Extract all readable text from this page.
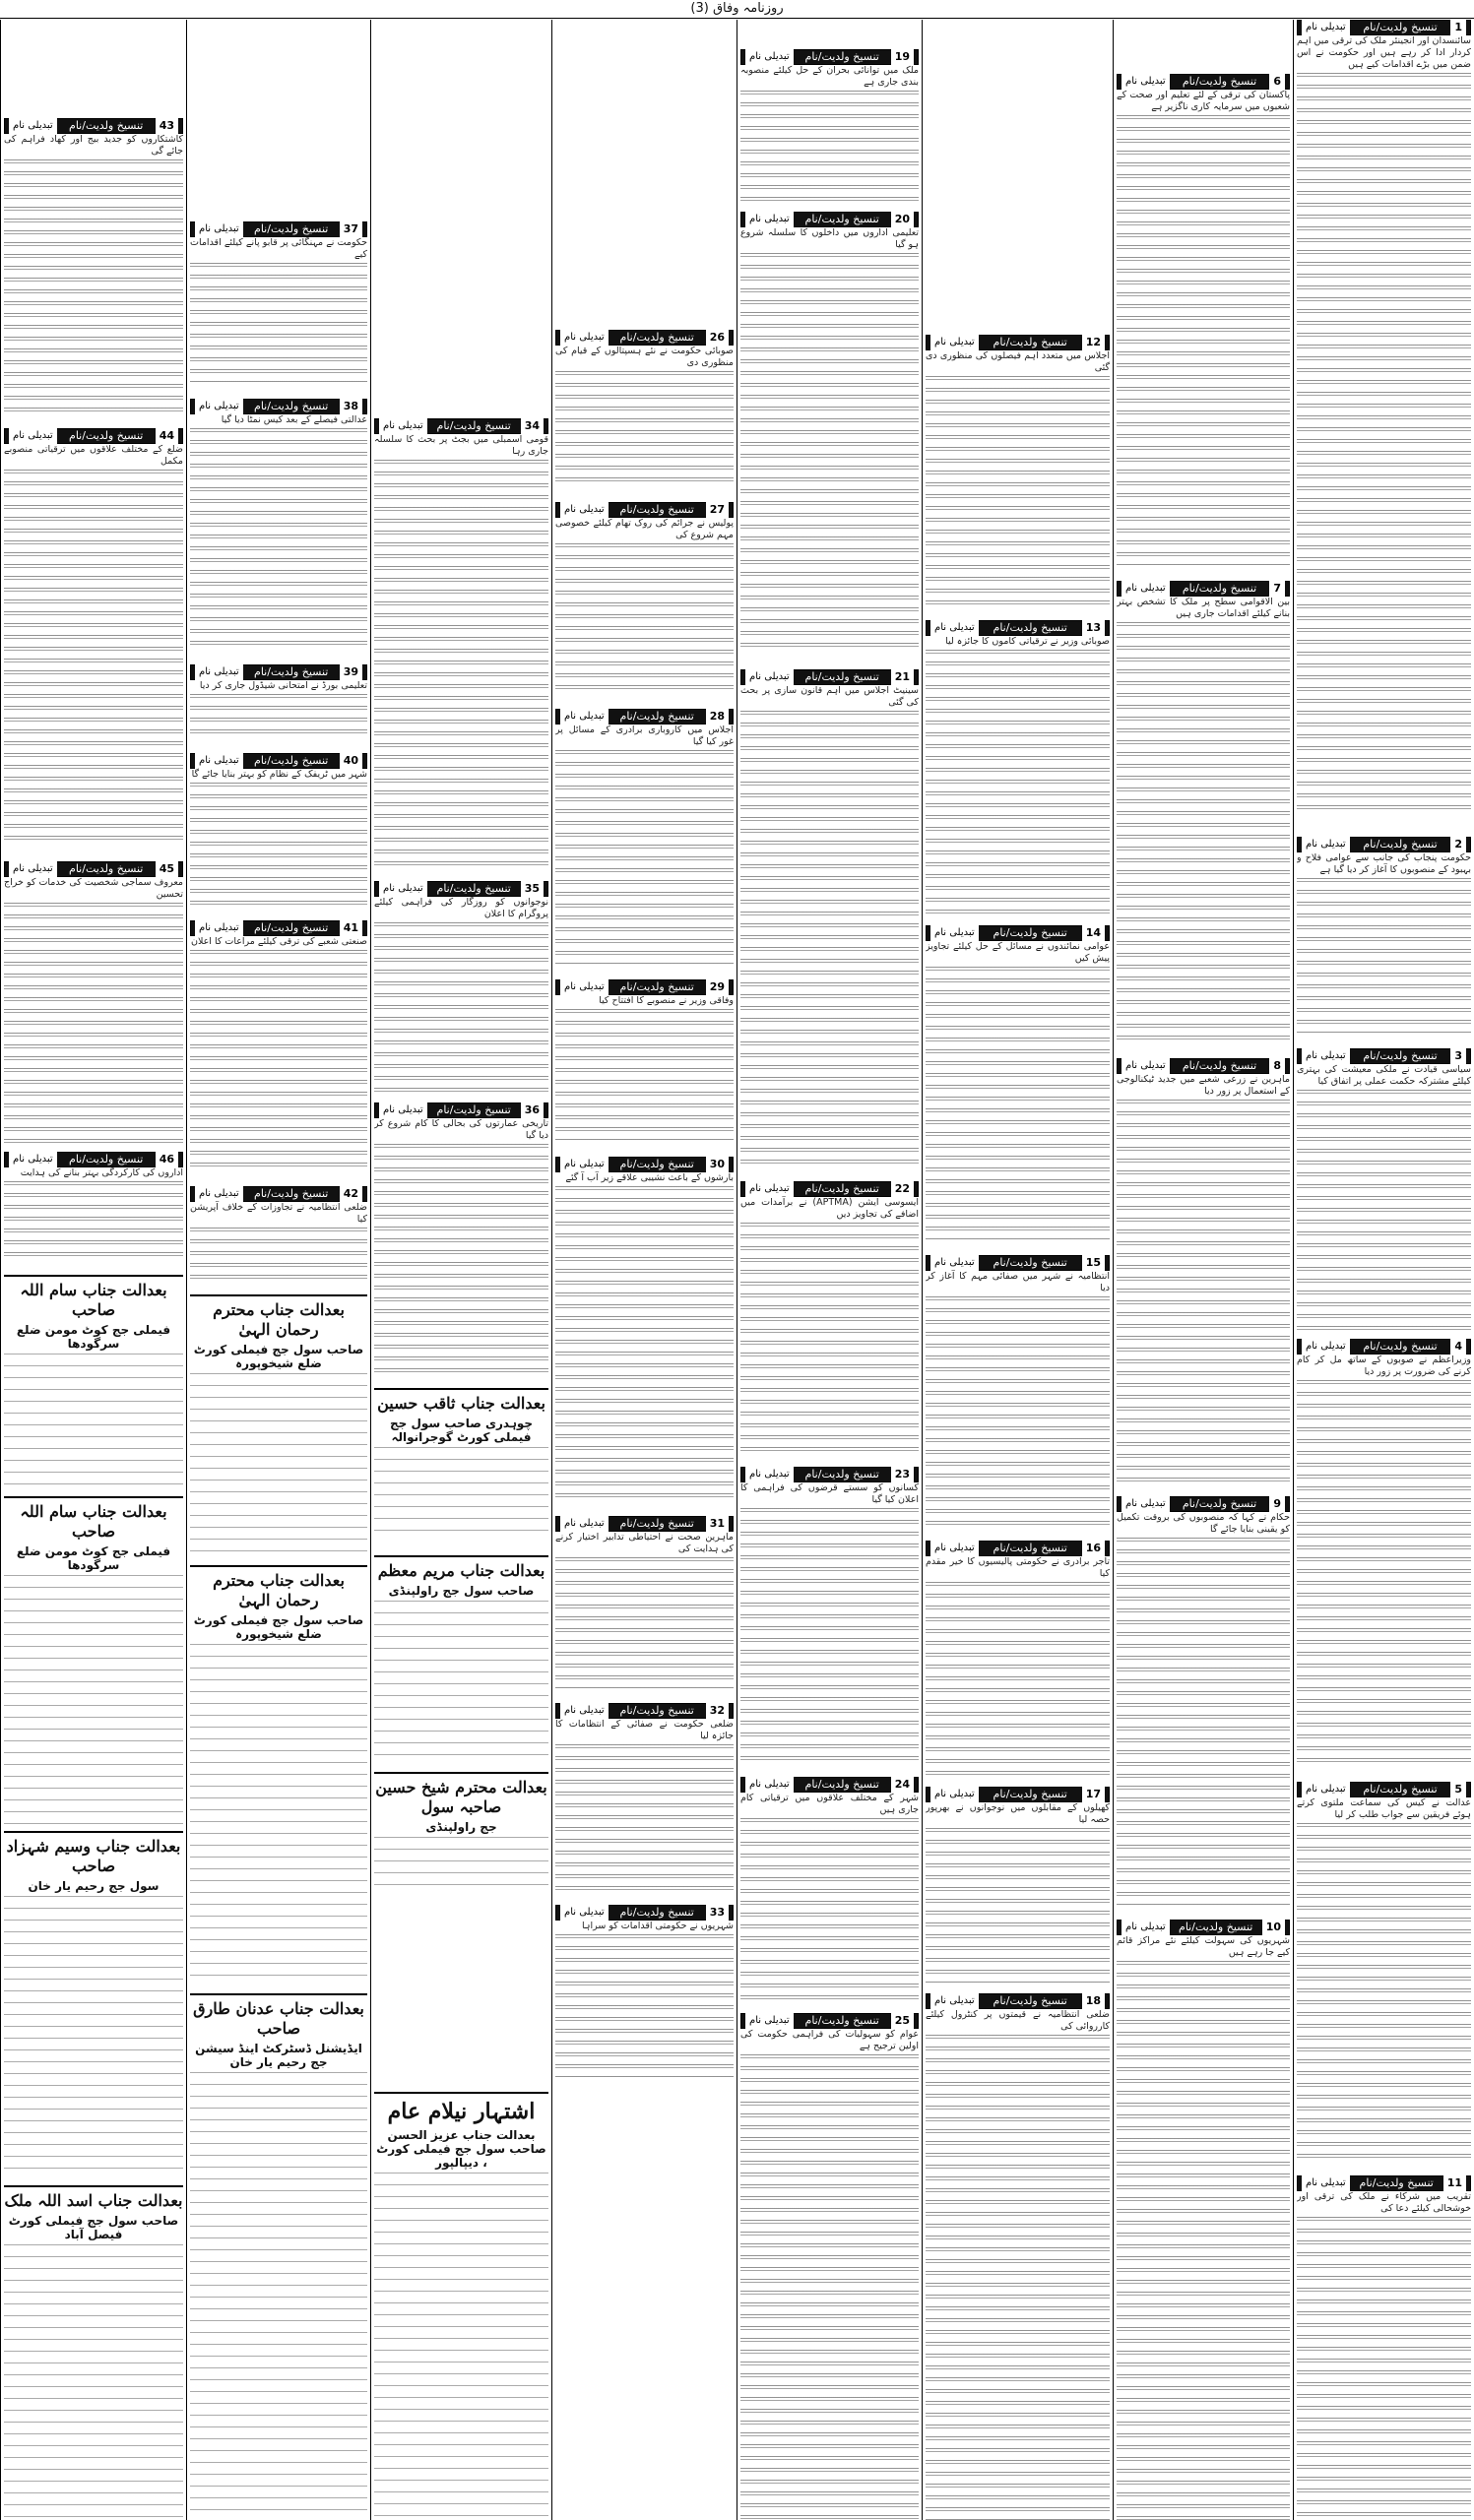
روزنامہ وفاق (3)
1
تنسیخ ولدیت/نام
تبدیلی نام
سائنسدان اور انجینئر ملک کی ترقی میں اہم کردار ادا کر رہے ہیں اور حکومت نے اس ضمن میں بڑے اقدامات کیے ہیں
2
تنسیخ ولدیت/نام
تبدیلی نام
حکومت پنجاب کی جانب سے عوامی فلاح و بہبود کے منصوبوں کا آغاز کر دیا گیا ہے
3
تنسیخ ولدیت/نام
تبدیلی نام
سیاسی قیادت نے ملکی معیشت کی بہتری کیلئے مشترکہ حکمت عملی پر اتفاق کیا
4
تنسیخ ولدیت/نام
تبدیلی نام
وزیراعظم نے صوبوں کے ساتھ مل کر کام کرنے کی ضرورت پر زور دیا
5
تنسیخ ولدیت/نام
تبدیلی نام
عدالت نے کیس کی سماعت ملتوی کرتے ہوئے فریقین سے جواب طلب کر لیا
11
تنسیخ ولدیت/نام
تبدیلی نام
تقریب میں شرکاء نے ملک کی ترقی اور خوشحالی کیلئے دعا کی
6
تنسیخ ولدیت/نام
تبدیلی نام
پاکستان کی ترقی کے لئے تعلیم اور صحت کے شعبوں میں سرمایہ کاری ناگزیر ہے
7
تنسیخ ولدیت/نام
تبدیلی نام
بین الاقوامی سطح پر ملک کا تشخص بہتر بنانے کیلئے اقدامات جاری ہیں
8
تنسیخ ولدیت/نام
تبدیلی نام
ماہرین نے زرعی شعبے میں جدید ٹیکنالوجی کے استعمال پر زور دیا
9
تنسیخ ولدیت/نام
تبدیلی نام
حکام نے کہا کہ منصوبوں کی بروقت تکمیل کو یقینی بنایا جائے گا
10
تنسیخ ولدیت/نام
تبدیلی نام
شہریوں کی سہولت کیلئے نئے مراکز قائم کیے جا رہے ہیں
12
تنسیخ ولدیت/نام
تبدیلی نام
اجلاس میں متعدد اہم فیصلوں کی منظوری دی گئی
13
تنسیخ ولدیت/نام
تبدیلی نام
صوبائی وزیر نے ترقیاتی کاموں کا جائزہ لیا
14
تنسیخ ولدیت/نام
تبدیلی نام
عوامی نمائندوں نے مسائل کے حل کیلئے تجاویز پیش کیں
15
تنسیخ ولدیت/نام
تبدیلی نام
انتظامیہ نے شہر میں صفائی مہم کا آغاز کر دیا
16
تنسیخ ولدیت/نام
تبدیلی نام
تاجر برادری نے حکومتی پالیسیوں کا خیر مقدم کیا
17
تنسیخ ولدیت/نام
تبدیلی نام
کھیلوں کے مقابلوں میں نوجوانوں نے بھرپور حصہ لیا
18
تنسیخ ولدیت/نام
تبدیلی نام
ضلعی انتظامیہ نے قیمتوں پر کنٹرول کیلئے کارروائی کی
19
تنسیخ ولدیت/نام
تبدیلی نام
ملک میں توانائی بحران کے حل کیلئے منصوبہ بندی جاری ہے
20
تنسیخ ولدیت/نام
تبدیلی نام
تعلیمی اداروں میں داخلوں کا سلسلہ شروع ہو گیا
21
تنسیخ ولدیت/نام
تبدیلی نام
سینیٹ اجلاس میں اہم قانون سازی پر بحث کی گئی
22
تنسیخ ولدیت/نام
تبدیلی نام
ایسوسی ایشن (APTMA) نے برآمدات میں اضافے کی تجاویز دیں
23
تنسیخ ولدیت/نام
تبدیلی نام
کسانوں کو سستے قرضوں کی فراہمی کا اعلان کیا گیا
24
تنسیخ ولدیت/نام
تبدیلی نام
شہر کے مختلف علاقوں میں ترقیاتی کام جاری ہیں
25
تنسیخ ولدیت/نام
تبدیلی نام
عوام کو سہولیات کی فراہمی حکومت کی اولین ترجیح ہے
26
تنسیخ ولدیت/نام
تبدیلی نام
صوبائی حکومت نے نئے ہسپتالوں کے قیام کی منظوری دی
27
تنسیخ ولدیت/نام
تبدیلی نام
پولیس نے جرائم کی روک تھام کیلئے خصوصی مہم شروع کی
28
تنسیخ ولدیت/نام
تبدیلی نام
اجلاس میں کاروباری برادری کے مسائل پر غور کیا گیا
29
تنسیخ ولدیت/نام
تبدیلی نام
وفاقی وزیر نے منصوبے کا افتتاح کیا
30
تنسیخ ولدیت/نام
تبدیلی نام
بارشوں کے باعث نشیبی علاقے زیر آب آ گئے
31
تنسیخ ولدیت/نام
تبدیلی نام
ماہرین صحت نے احتیاطی تدابیر اختیار کرنے کی ہدایت کی
32
تنسیخ ولدیت/نام
تبدیلی نام
ضلعی حکومت نے صفائی کے انتظامات کا جائزہ لیا
33
تنسیخ ولدیت/نام
تبدیلی نام
شہریوں نے حکومتی اقدامات کو سراہا
34
تنسیخ ولدیت/نام
تبدیلی نام
قومی اسمبلی میں بجٹ پر بحث کا سلسلہ جاری رہا
35
تنسیخ ولدیت/نام
تبدیلی نام
نوجوانوں کو روزگار کی فراہمی کیلئے پروگرام کا اعلان
36
تنسیخ ولدیت/نام
تبدیلی نام
تاریخی عمارتوں کی بحالی کا کام شروع کر دیا گیا
بعدالت جناب ثاقب حسین
چوہدری صاحب سول جج فیملی کورٹ گوجرانوالہ
بعدالت جناب مریم معظم
صاحب سول جج راولپنڈی
بعدالت محترم شیخ حسین صاحبہ سول
جج راولپنڈی
اشتہار نیلام عام
بعدالت جناب عزیز الحسن صاحب سول جج فیملی کورٹ ، دیپالپور
37
تنسیخ ولدیت/نام
تبدیلی نام
حکومت نے مہنگائی پر قابو پانے کیلئے اقدامات کیے
38
تنسیخ ولدیت/نام
تبدیلی نام
عدالتی فیصلے کے بعد کیس نمٹا دیا گیا
39
تنسیخ ولدیت/نام
تبدیلی نام
تعلیمی بورڈ نے امتحانی شیڈول جاری کر دیا
40
تنسیخ ولدیت/نام
تبدیلی نام
شہر میں ٹریفک کے نظام کو بہتر بنایا جائے گا
41
تنسیخ ولدیت/نام
تبدیلی نام
صنعتی شعبے کی ترقی کیلئے مراعات کا اعلان
42
تنسیخ ولدیت/نام
تبدیلی نام
ضلعی انتظامیہ نے تجاوزات کے خلاف آپریشن کیا
بعدالت جناب محترم رحمان الہیٰ
صاحب سول جج فیملی کورٹ ضلع شیخوپورہ
بعدالت جناب محترم رحمان الہیٰ
صاحب سول جج فیملی کورٹ ضلع شیخوپورہ
بعدالت جناب عدنان طارق صاحب
ایڈیشنل ڈسٹرکٹ اینڈ سیشن جج رحیم یار خان
43
تنسیخ ولدیت/نام
تبدیلی نام
کاشتکاروں کو جدید بیج اور کھاد فراہم کی جائے گی
44
تنسیخ ولدیت/نام
تبدیلی نام
ضلع کے مختلف علاقوں میں ترقیاتی منصوبے مکمل
45
تنسیخ ولدیت/نام
تبدیلی نام
معروف سماجی شخصیت کی خدمات کو خراج تحسین
46
تنسیخ ولدیت/نام
تبدیلی نام
اداروں کی کارکردگی بہتر بنانے کی ہدایت
بعدالت جناب سام اللہ صاحب
فیملی جج کوٹ مومن ضلع سرگودھا
بعدالت جناب سام اللہ صاحب
فیملی جج کوٹ مومن ضلع سرگودھا
بعدالت جناب وسیم شہزاد صاحب
سول جج رحیم یار خان
بعدالت جناب اسد اللہ ملک
صاحب سول جج فیملی کورٹ فیصل آباد
